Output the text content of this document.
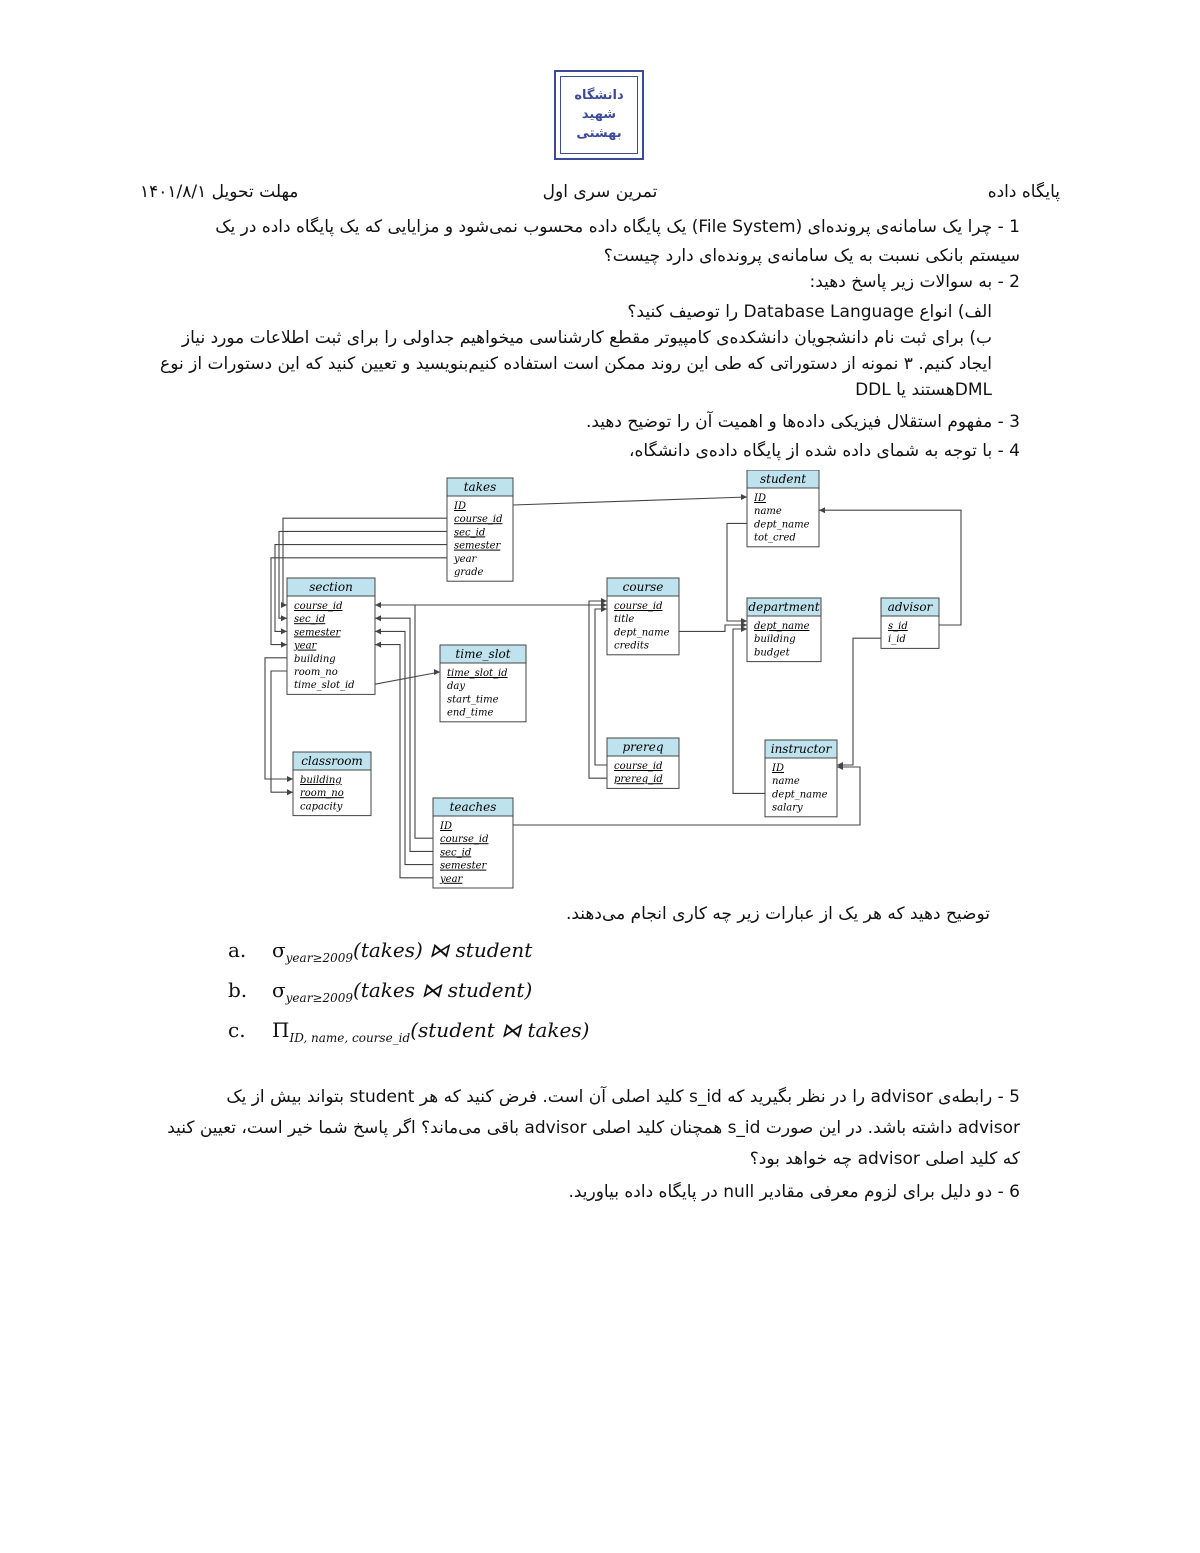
دانشگاه شهید بهشتی
مهلت تحویل ۱۴۰۱/۸/۱	تمرین سری اول	پایگاه داده
1 - چرا یک سامانه‌ی پرونده‌ای (File System) یک پایگاه داده محسوب نمی‌شود و مزایایی که یک پایگاه داده در یک سیستم بانکی نسبت به یک سامانه‌ی پرونده‌ای دارد چیست؟
2 - به سوالات زیر پاسخ دهید:
الف) انواع Database Language را توصیف کنید؟
ب) برای ثبت نام دانشجویان دانشکده‌ی کامپیوتر مقطع کارشناسی میخواهیم جداولی را برای ثبت اطلاعات مورد نیاز ایجاد کنیم. ۳ نمونه از دستوراتی که طی این روند ممکن است استفاده کنیم‌بنویسید و تعیین کنید که این دستورات از نوع DMLهستند یا DDL
3 - مفهوم استقلال فیزیکی داده‌ها و اهمیت آن را توضیح دهید.
4 - با توجه به شمای داده شده از پایگاه داده‌ی دانشگاه،
takes
ID
course_id
sec_id
semester
year
grade
student
ID
name
dept_name
tot_cred
section
course_id
sec_id
semester
year
building
room_no
time_slot_id
course
course_id
title
dept_name
credits
department
dept_name
building
budget
advisor
s_id
i_id
time_slot
time_slot_id
day
start_time
end_time
prereq
course_id
prereq_id
instructor
ID
name
dept_name
salary
classroom
building
room_no
capacity	teaches
ID
course_id
sec_id
semester
year
توضیح دهید که هر یک از عبارات زیر چه کاری انجام می‌دهند.
a. $\sigma_{year\ge 2009}(takes)$ ⋈ student
b. $\sigma_{year\ge 2009}(takes$ ⋈ student)
c. $\Pi_{ID, name, course\_id}(student$ ⋈ takes)
5 - رابطه‌ی advisor را در نظر بگیرید که s_id کلید اصلی آن است. فرض کنید که هر student بتواند بیش از یک advisor داشته باشد. در این صورت s_id همچنان کلید اصلی advisor باقی می‌ماند؟ اگر پاسخ شما خیر است، تعیین کنید که کلید اصلی advisor چه خواهد بود؟
6 - دو دلیل برای لزوم معرفی مقادیر null در پایگاه داده بیاورید.
